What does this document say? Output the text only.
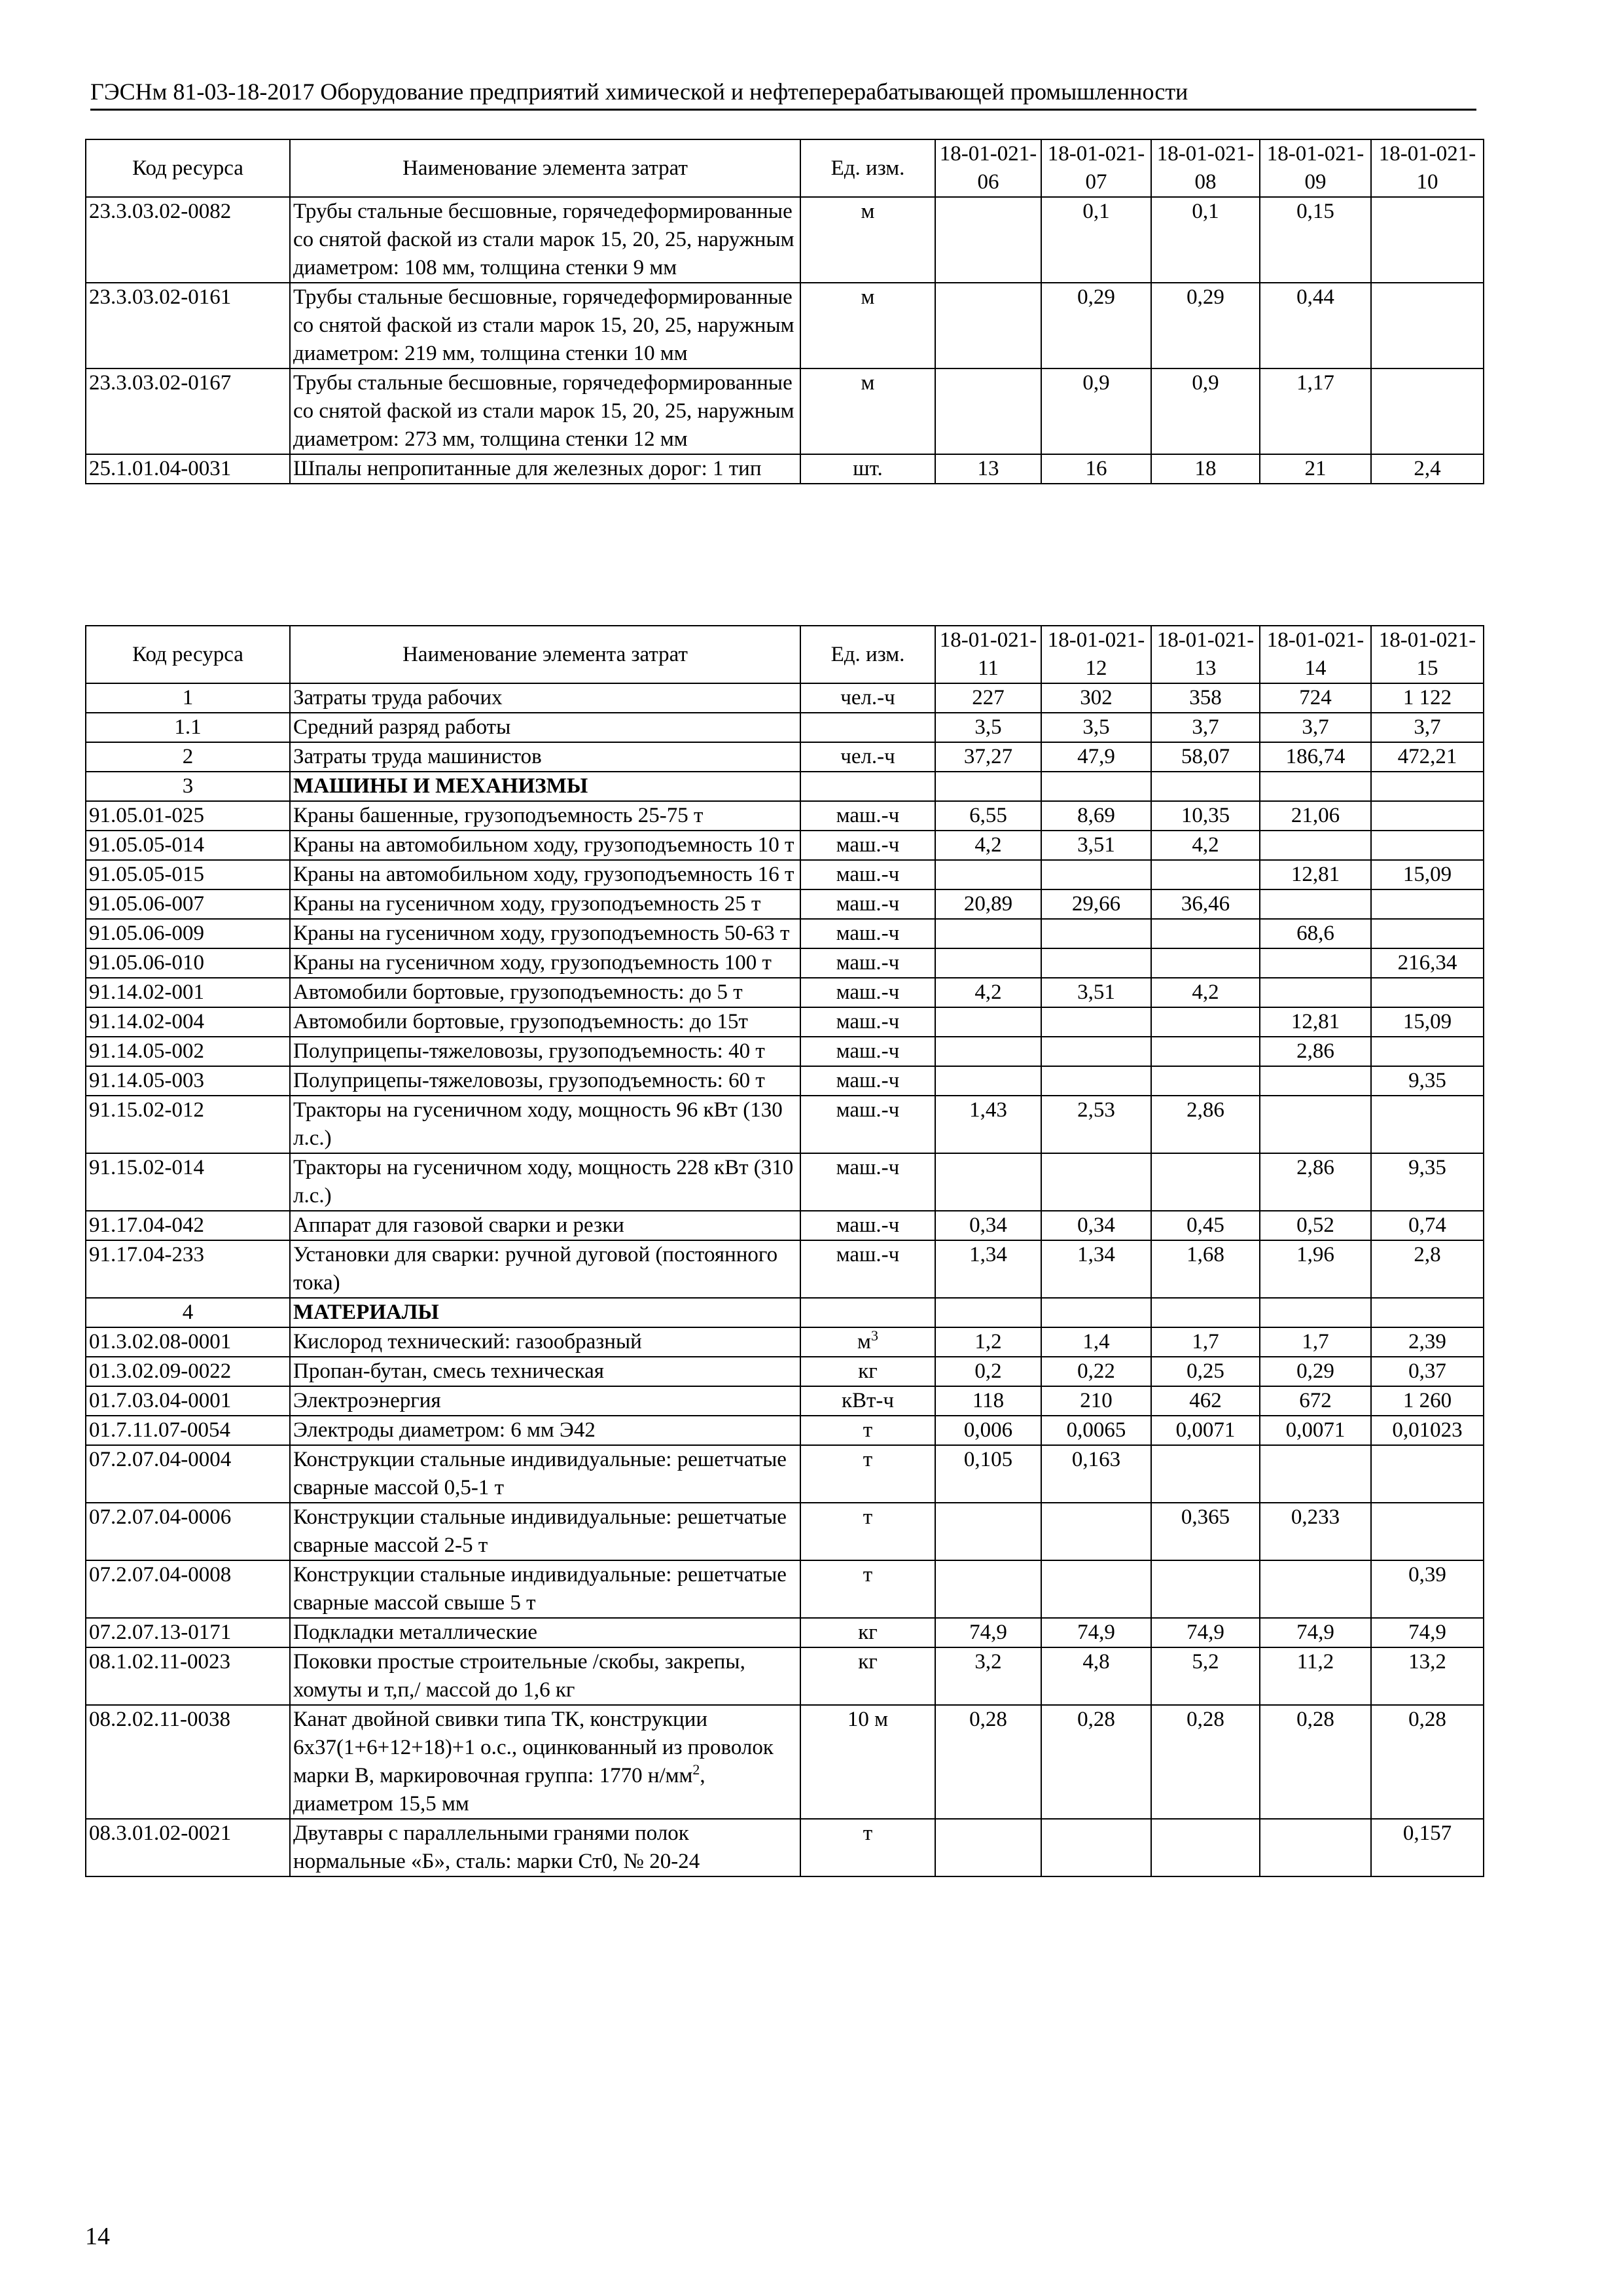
ГЭСНм 81-03-18-2017 Оборудование предприятий химической и нефтеперерабатывающей промышленности
Код ресурса	Наименование элемента затрат	Ед. изм.	18-01-021-06	18-01-021-07	18-01-021-08	18-01-021-09	18-01-021-10
23.3.03.02-0082	Трубы стальные бесшовные, горячедеформированные со снятой фаской из стали марок 15, 20, 25, наружным диаметром: 108 мм, толщина стенки 9 мм	м		0,1	0,1	0,15	
23.3.03.02-0161	Трубы стальные бесшовные, горячедеформированные со снятой фаской из стали марок 15, 20, 25, наружным диаметром: 219 мм, толщина стенки 10 мм	м		0,29	0,29	0,44	
23.3.03.02-0167	Трубы стальные бесшовные, горячедеформированные со снятой фаской из стали марок 15, 20, 25, наружным диаметром: 273 мм, толщина стенки 12 мм	м		0,9	0,9	1,17	
25.1.01.04-0031	Шпалы непропитанные для железных дорог: 1 тип	шт.	13	16	18	21	2,4
Код ресурса	Наименование элемента затрат	Ед. изм.	18-01-021-11	18-01-021-12	18-01-021-13	18-01-021-14	18-01-021-15
1	Затраты труда рабочих	чел.-ч	227	302	358	724	1 122
1.1	Средний разряд работы		3,5	3,5	3,7	3,7	3,7
2	Затраты труда машинистов	чел.-ч	37,27	47,9	58,07	186,74	472,21
3	МАШИНЫ И МЕХАНИЗМЫ						
91.05.01-025	Краны башенные, грузоподъемность 25-75 т	маш.-ч	6,55	8,69	10,35	21,06	
91.05.05-014	Краны на автомобильном ходу, грузоподъемность 10 т	маш.-ч	4,2	3,51	4,2		
91.05.05-015	Краны на автомобильном ходу, грузоподъемность 16 т	маш.-ч				12,81	15,09
91.05.06-007	Краны на гусеничном ходу, грузоподъемность 25 т	маш.-ч	20,89	29,66	36,46		
91.05.06-009	Краны на гусеничном ходу, грузоподъемность 50-63 т	маш.-ч				68,6	
91.05.06-010	Краны на гусеничном ходу, грузоподъемность 100 т	маш.-ч					216,34
91.14.02-001	Автомобили бортовые, грузоподъемность: до 5 т	маш.-ч	4,2	3,51	4,2		
91.14.02-004	Автомобили бортовые, грузоподъемность: до 15т	маш.-ч				12,81	15,09
91.14.05-002	Полуприцепы-тяжеловозы, грузоподъемность: 40 т	маш.-ч				2,86	
91.14.05-003	Полуприцепы-тяжеловозы, грузоподъемность: 60 т	маш.-ч					9,35
91.15.02-012	Тракторы на гусеничном ходу, мощность 96 кВт (130 л.с.)	маш.-ч	1,43	2,53	2,86		
91.15.02-014	Тракторы на гусеничном ходу, мощность 228 кВт (310 л.с.)	маш.-ч				2,86	9,35
91.17.04-042	Аппарат для газовой сварки и резки	маш.-ч	0,34	0,34	0,45	0,52	0,74
91.17.04-233	Установки для сварки: ручной дуговой (постоянного тока)	маш.-ч	1,34	1,34	1,68	1,96	2,8
4	МАТЕРИАЛЫ						
01.3.02.08-0001	Кислород технический: газообразный	$м^3$	1,2	1,4	1,7	1,7	2,39
01.3.02.09-0022	Пропан-бутан, смесь техническая	кг	0,2	0,22	0,25	0,29	0,37
01.7.03.04-0001	Электроэнергия	кВт-ч	118	210	462	672	1 260
01.7.11.07-0054	Электроды диаметром: 6 мм Э42	т	0,006	0,0065	0,0071	0,0071	0,01023
07.2.07.04-0004	Конструкции стальные индивидуальные: решетчатые сварные массой 0,5-1 т	т	0,105	0,163			
07.2.07.04-0006	Конструкции стальные индивидуальные: решетчатые сварные массой 2-5 т	т			0,365	0,233	
07.2.07.04-0008	Конструкции стальные индивидуальные: решетчатые сварные массой свыше 5 т	т					0,39
07.2.07.13-0171	Подкладки металлические	кг	74,9	74,9	74,9	74,9	74,9
08.1.02.11-0023	Поковки простые строительные /скобы, закрепы, хомуты и т,п,/ массой до 1,6 кг	кг	3,2	4,8	5,2	11,2	13,2
08.2.02.11-0038	Канат двойной свивки типа ТК, конструкции 6х37(1+6+12+18)+1 о.с., оцинкованный из проволок марки В, маркировочная группа: 1770 $н/мм^2$, диаметром 15,5 мм	10 м	0,28	0,28	0,28	0,28	0,28
08.3.01.02-0021	Двутавры с параллельными гранями полок нормальные «Б», сталь: марки Ст0, № 20-24	т					0,157
14
